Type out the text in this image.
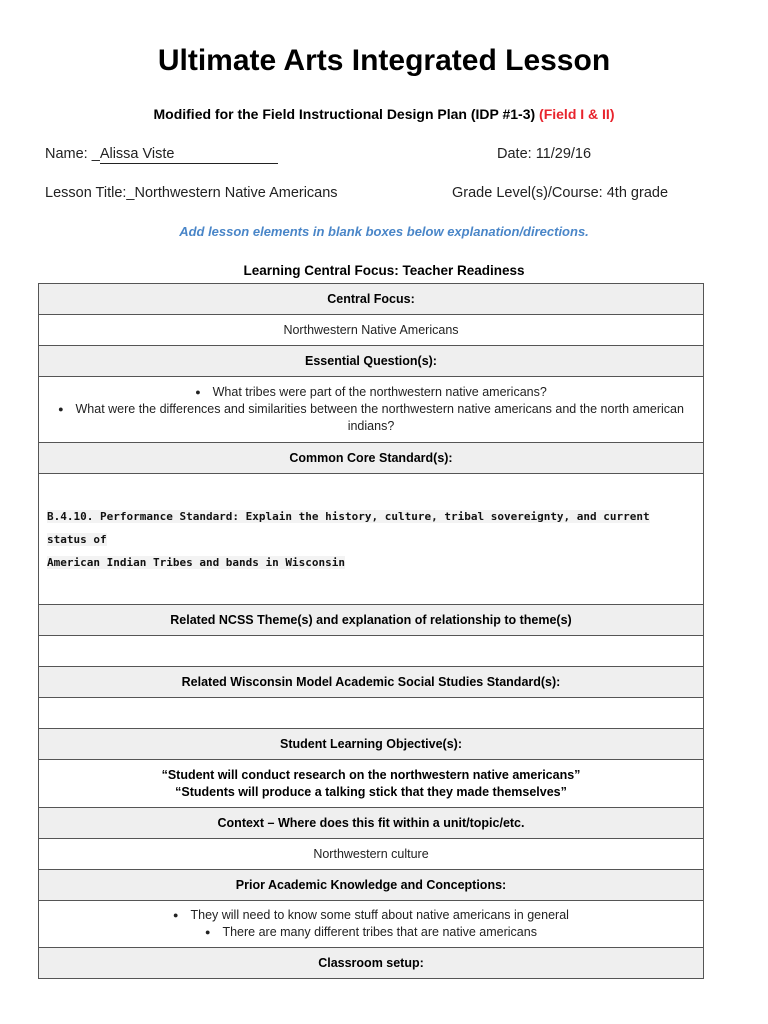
Ultimate Arts Integrated Lesson
Modified for the Field Instructional Design Plan (IDP #1-3) (Field I & II)
Name: _Alissa Viste	Date: 11/29/16
Lesson Title:_Northwestern Native Americans	Grade Level(s)/Course: 4th grade
Add lesson elements in blank boxes below explanation/directions.
Learning Central Focus: Teacher Readiness
Central Focus:
Northwestern Native Americans
Essential Question(s):

● What tribes were part of the northwestern native americans?
● What were the differences and similarities between the northwestern native americans and the north american indians?

Common Core Standard(s):
B.4.10. Performance Standard: Explain the history, culture, tribal sovereignty, and current status of
American Indian Tribes and bands in Wisconsin
Related NCSS Theme(s) and explanation of relationship to theme(s)

Related Wisconsin Model Academic Social Studies Standard(s):

Student Learning Objective(s):

“Student will conduct research on the northwestern native americans”
“Students will produce a talking stick that they made themselves”

Context – Where does this fit within a unit/topic/etc.
Northwestern culture
Prior Academic Knowledge and Conceptions:

● They will need to know some stuff about native americans in general
● There are many different tribes that are native americans

Classroom setup:
